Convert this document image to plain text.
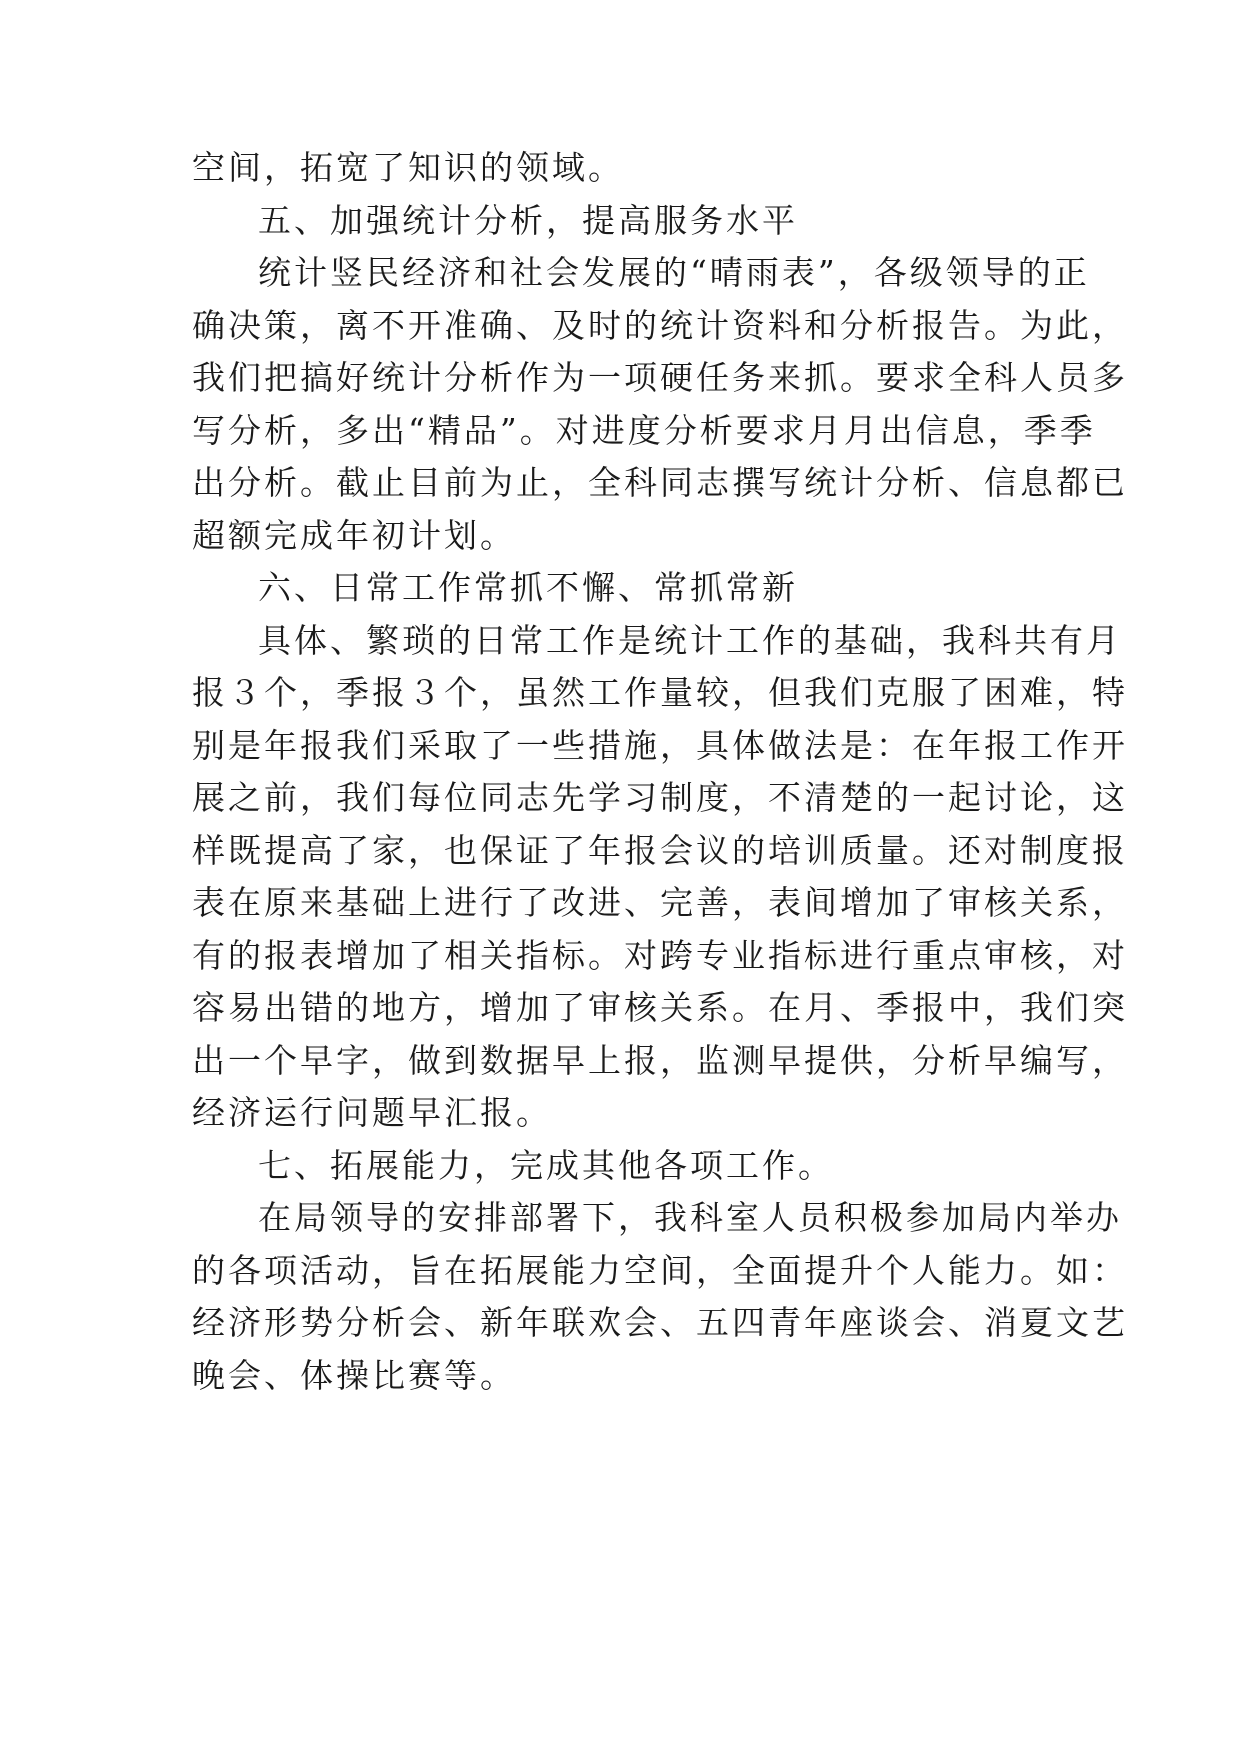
空间，拓宽了知识的领域。
五、加强统计分析，提高服务水平
统计竖民经济和社会发展的“晴雨表”，各级领导的正
确决策，离不开准确、及时的统计资料和分析报告。为此，
我们把搞好统计分析作为一项硬任务来抓。要求全科人员多
写分析，多出“精品”。对进度分析要求月月出信息，季季
出分析。截止目前为止，全科同志撰写统计分析、信息都已
超额完成年初计划。
六、日常工作常抓不懈、常抓常新
具体、繁琐的日常工作是统计工作的基础，我科共有月
报３个，季报３个，虽然工作量较，但我们克服了困难，特
别是年报我们采取了一些措施，具体做法是：在年报工作开
展之前，我们每位同志先学习制度，不清楚的一起讨论，这
样既提高了家，也保证了年报会议的培训质量。还对制度报
表在原来基础上进行了改进、完善，表间增加了审核关系，
有的报表增加了相关指标。对跨专业指标进行重点审核，对
容易出错的地方，增加了审核关系。在月、季报中，我们突
出一个早字，做到数据早上报，监测早提供，分析早编写，
经济运行问题早汇报。
七、拓展能力，完成其他各项工作。
在局领导的安排部署下，我科室人员积极参加局内举办
的各项活动，旨在拓展能力空间，全面提升个人能力。如：
经济形势分析会、新年联欢会、五四青年座谈会、消夏文艺
晚会、体操比赛等。
